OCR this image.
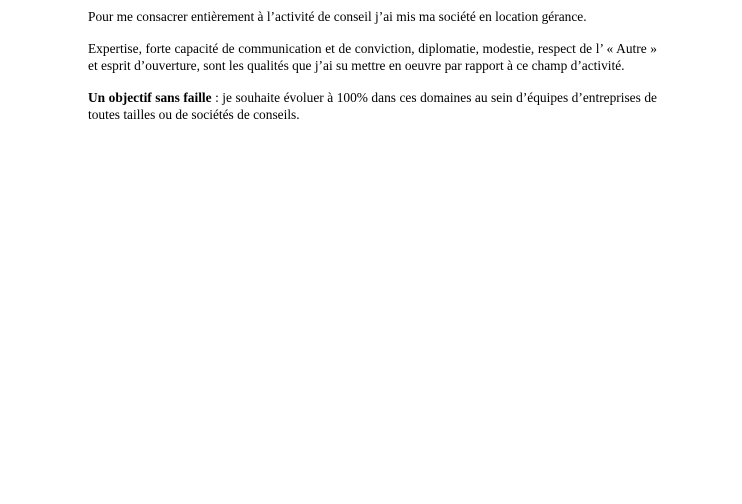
Pour me consacrer entièrement à l’activité de conseil j’ai mis ma société en location gérance.

Expertise, forte capacité de communication et de conviction, diplomatie, modestie, respect de l’ « Autre » et esprit d’ouverture, sont les qualités que j’ai su mettre en oeuvre par rapport à ce champ d’activité.

Un objectif sans faille : je souhaite évoluer à 100% dans ces domaines au sein d’équipes d’entreprises de toutes tailles ou de sociétés de conseils.
